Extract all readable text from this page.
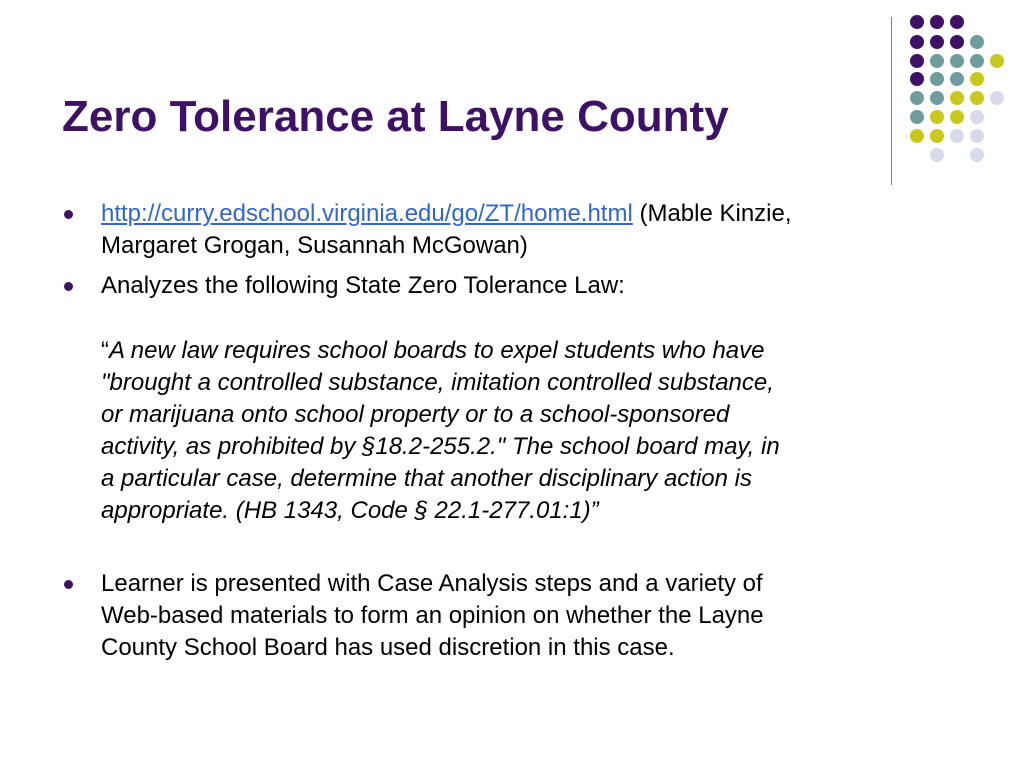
Zero Tolerance at Layne County
http://curry.edschool.virginia.edu/go/ZT/home.html (Mable Kinzie,
Margaret Grogan, Susannah McGowan)
Analyzes the following State Zero Tolerance Law:
“A new law requires school boards to expel students who have
"brought a controlled substance, imitation controlled substance,
or marijuana onto school property or to a school-sponsored
activity, as prohibited by §18.2-255.2." The school board may, in
a particular case, determine that another disciplinary action is
appropriate. (HB 1343, Code § 22.1-277.01:1)”
Learner is presented with Case Analysis steps and a variety of
Web-based materials to form an opinion on whether the Layne
County School Board has used discretion in this case.
